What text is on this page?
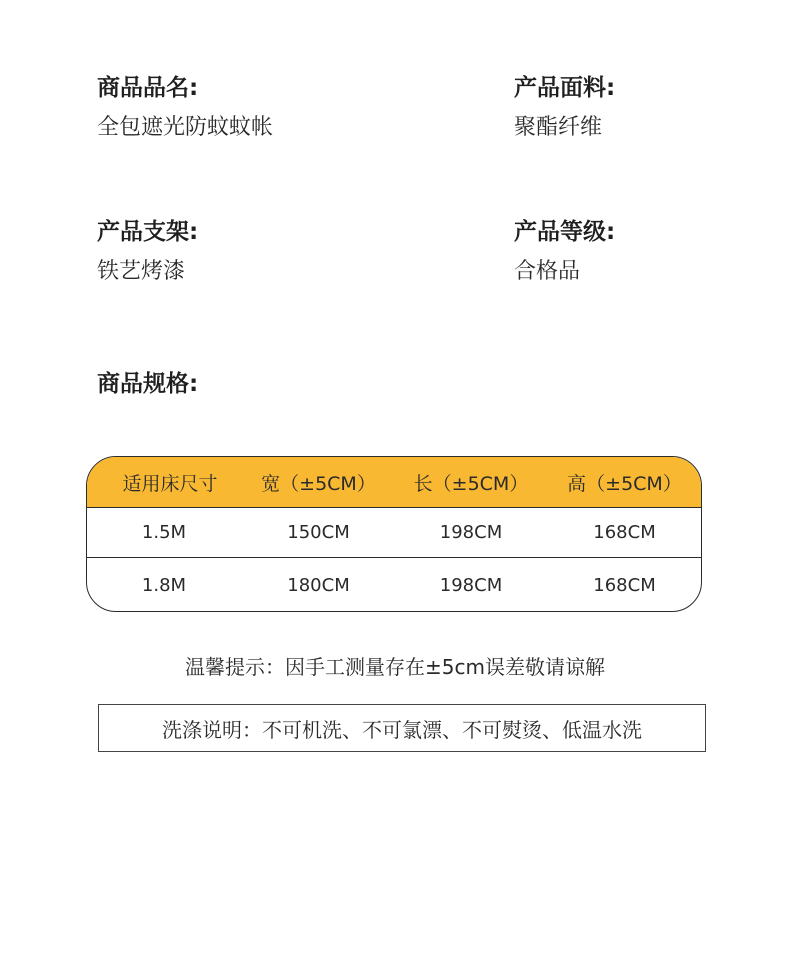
商品品名:
全包遮光防蚊蚊帐
产品面料:
聚酯纤维
产品支架:
铁艺烤漆
产品等级:
合格品
商品规格:
适用床尺寸	宽（±5CM）	长（±5CM）	高（±5CM）
1.5M	150CM	198CM	168CM
1.8M	180CM	198CM	168CM
温馨提示：因手工测量存在±5cm误差敬请谅解
洗涤说明：不可机洗、不可氯漂、不可熨烫、低温水洗
